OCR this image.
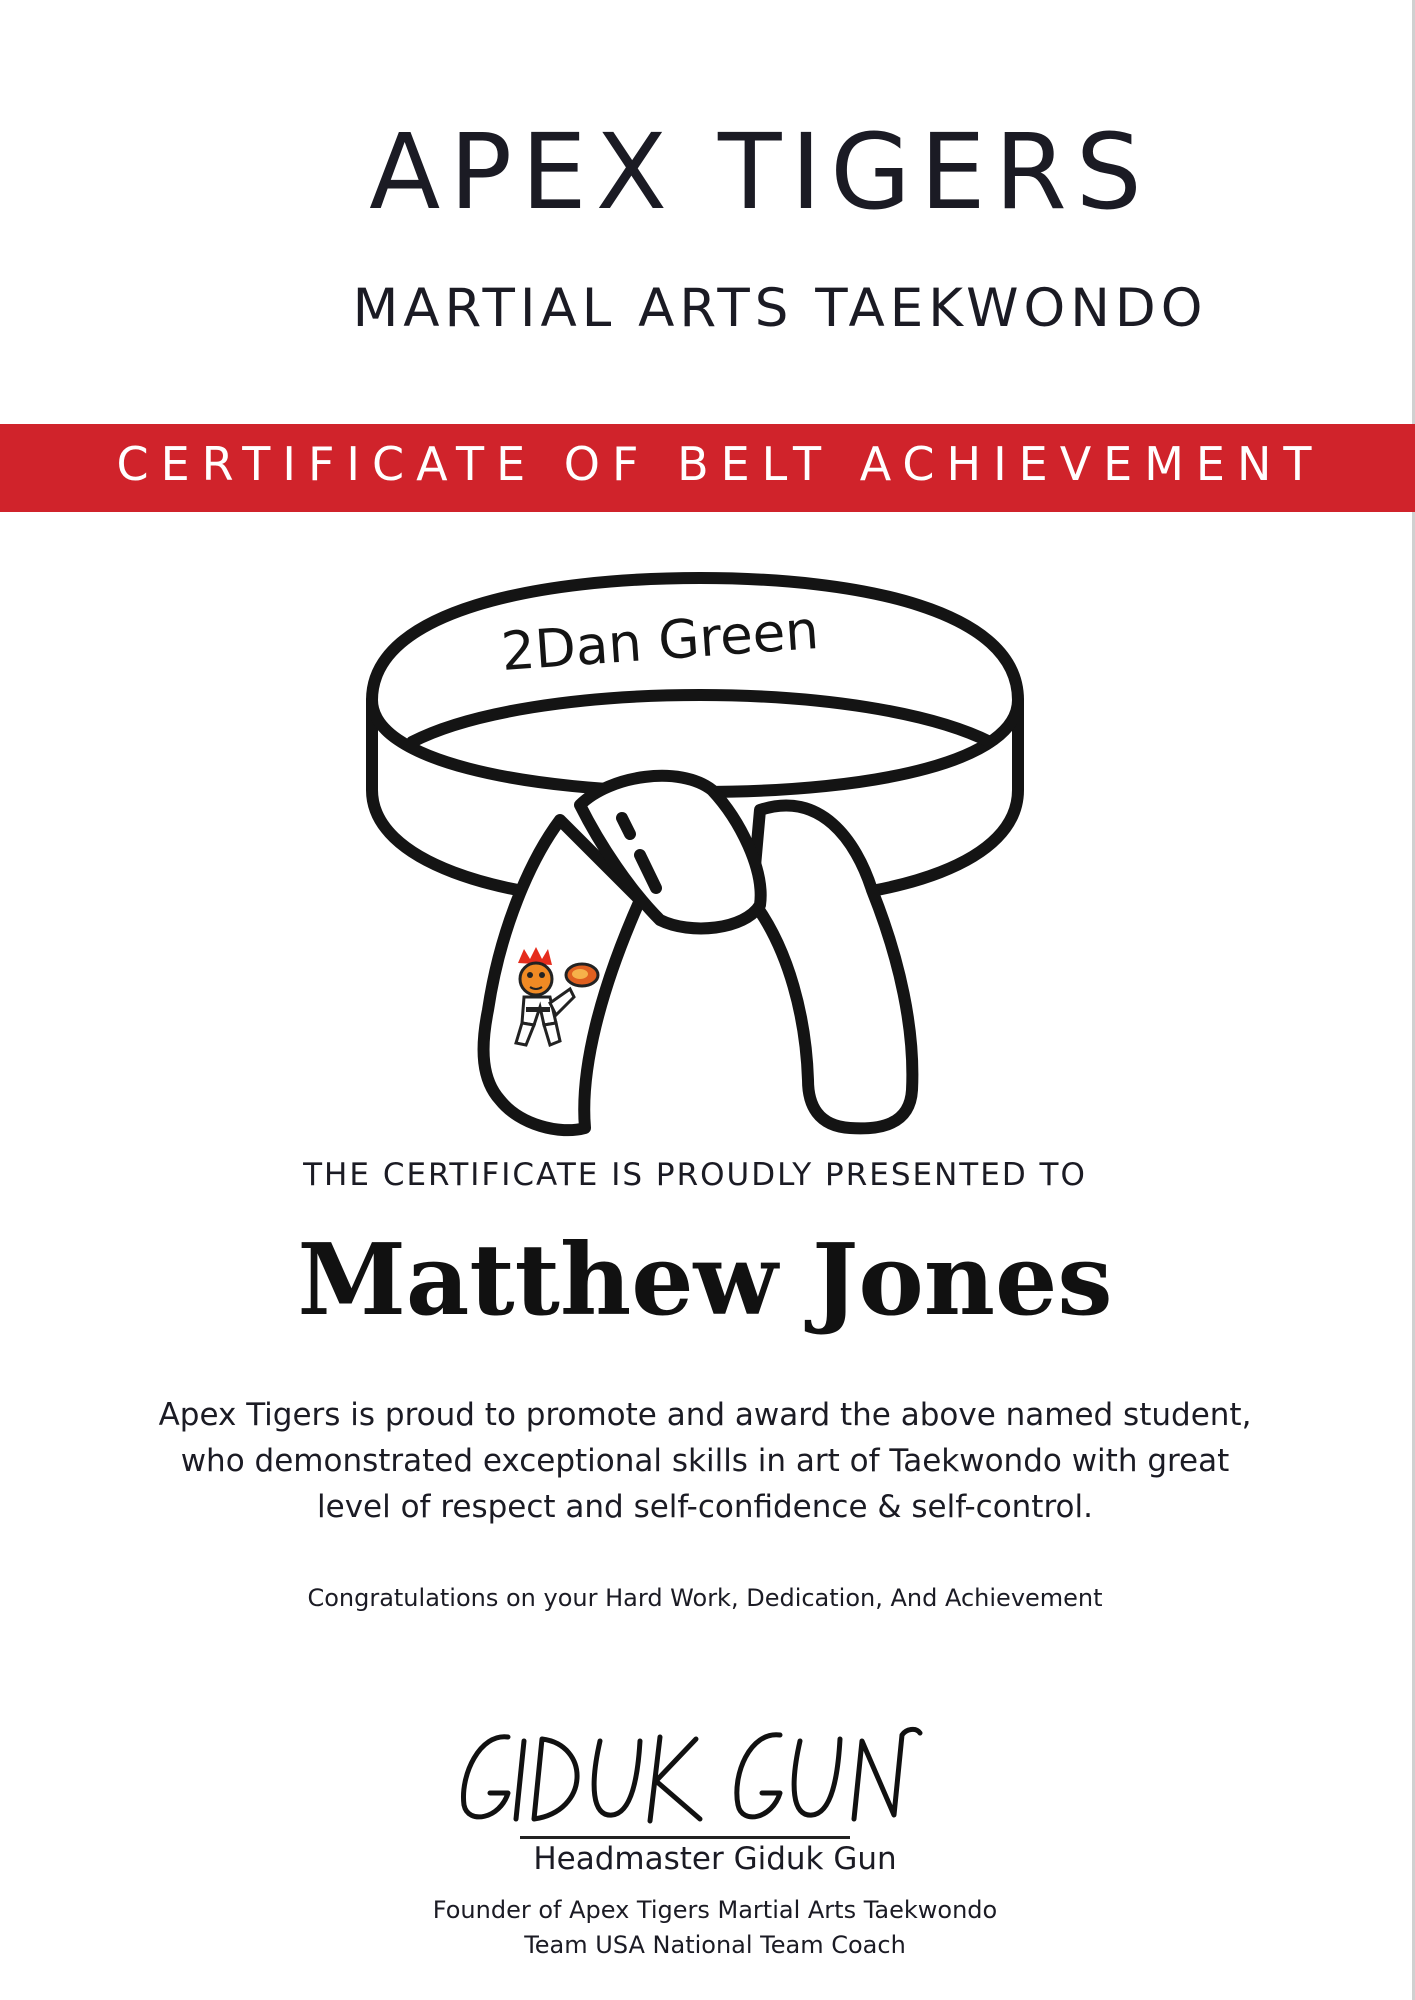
APEX TIGERS
MARTIAL ARTS TAEKWONDO
CERTIFICATE OF BELT ACHIEVEMENT
2Dan Green
THE CERTIFICATE IS PROUDLY PRESENTED TO
Matthew Jones
Apex Tigers is proud to promote and award the above named student,
who demonstrated exceptional skills in art of Taekwondo with great
level of respect and self-confidence & self-control.
Congratulations on your Hard Work, Dedication, And Achievement
Headmaster Giduk Gun
Founder of Apex Tigers Martial Arts Taekwondo
Team USA National Team Coach
